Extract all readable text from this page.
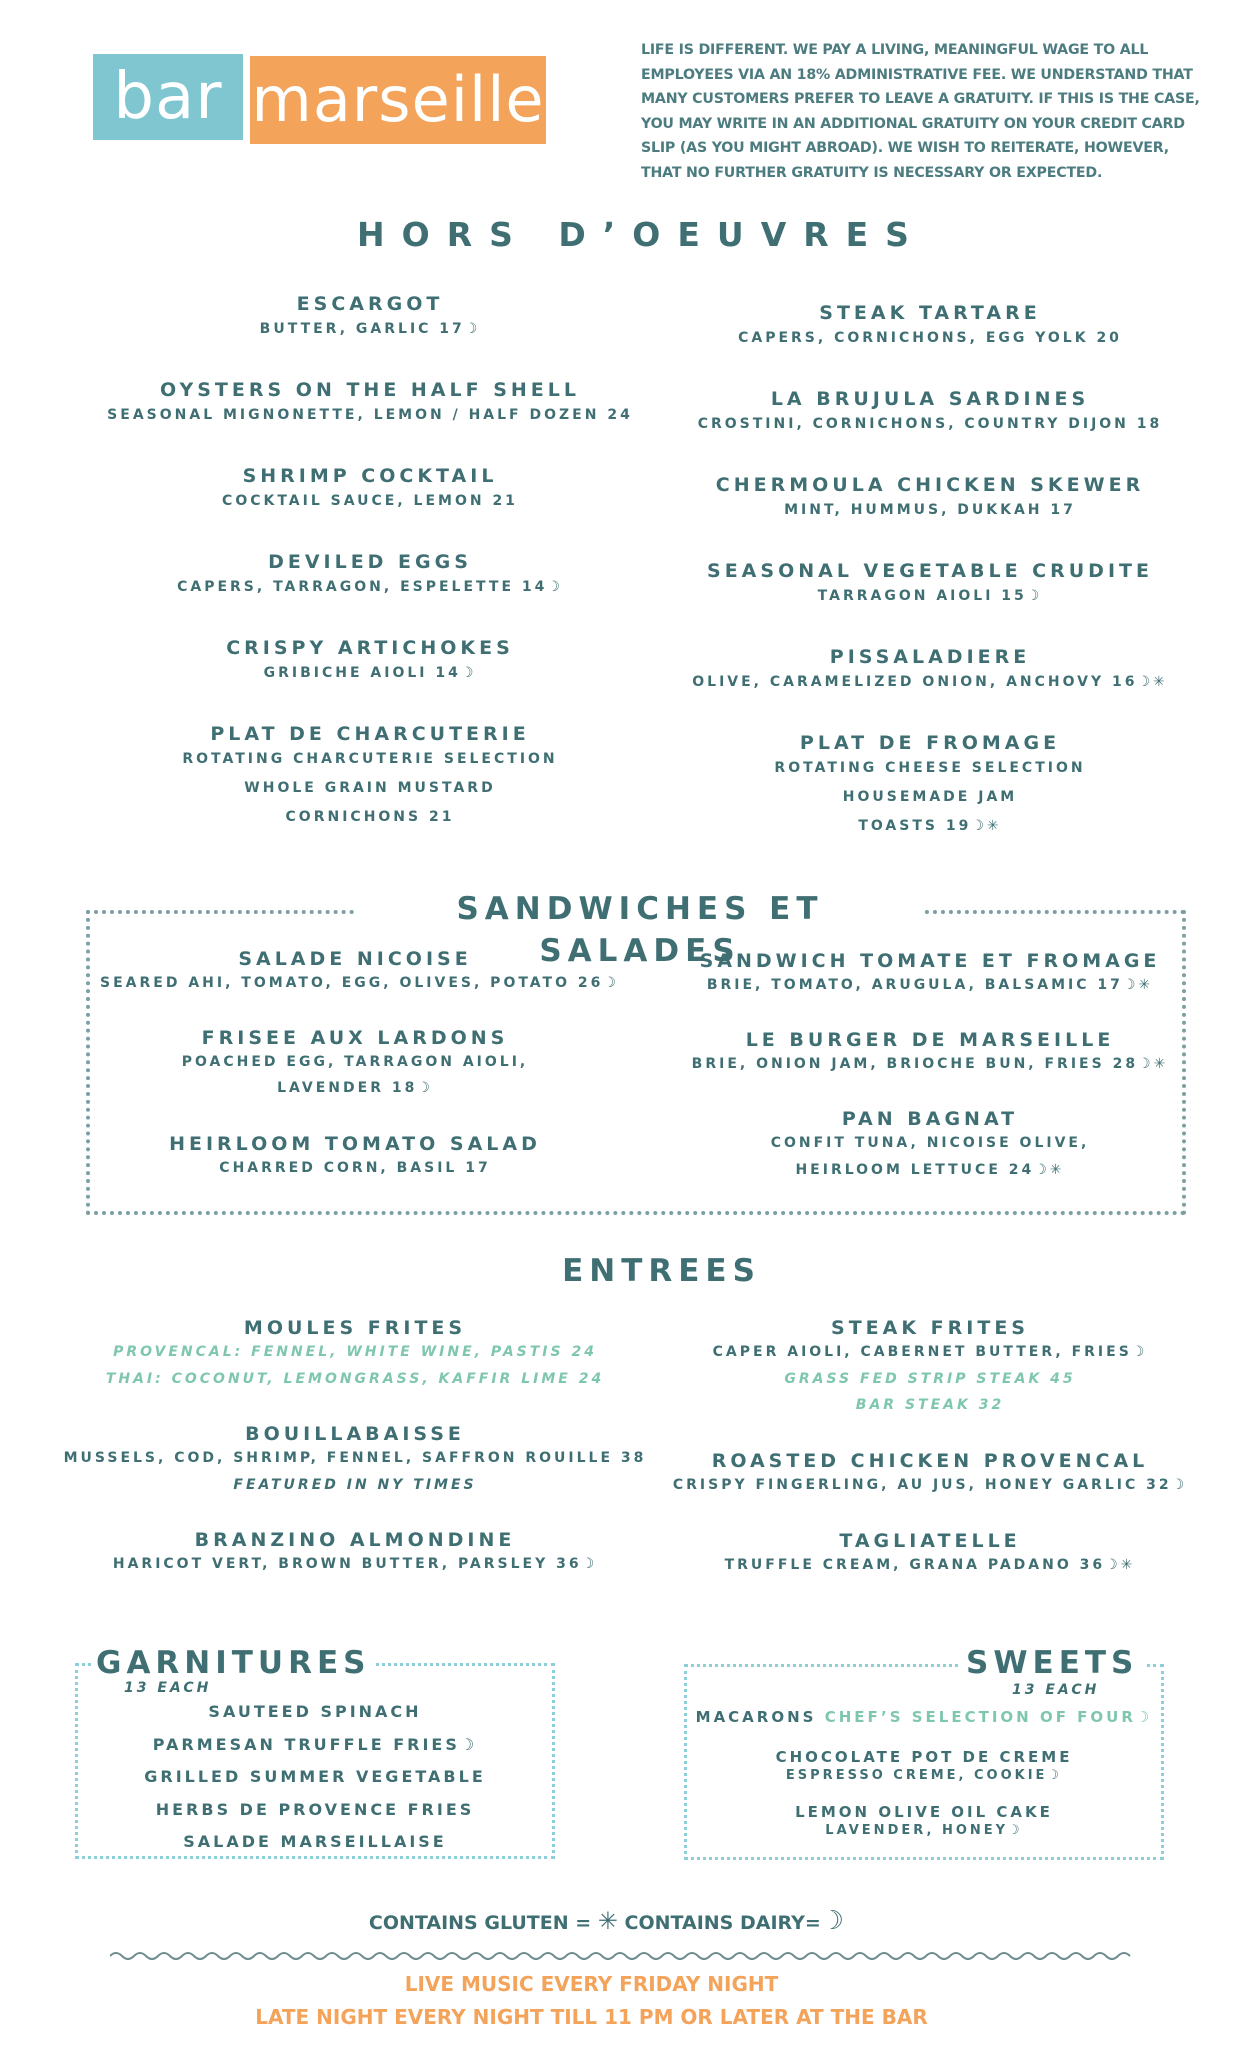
bar marseille
LIFE IS DIFFERENT. WE PAY A LIVING, MEANINGFUL WAGE TO ALL EMPLOYEES VIA AN 18% ADMINISTRATIVE FEE. WE UNDERSTAND THAT MANY CUSTOMERS PREFER TO LEAVE A GRATUITY. IF THIS IS THE CASE, YOU MAY WRITE IN AN ADDITIONAL GRATUITY ON YOUR CREDIT CARD SLIP (AS YOU MIGHT ABROAD). WE WISH TO REITERATE, HOWEVER, THAT NO FURTHER GRATUITY IS NECESSARY OR EXPECTED.
HORS D’OEUVRES
ESCARGOT
BUTTER, GARLIC 17☽
OYSTERS ON THE HALF SHELL
SEASONAL MIGNONETTE, LEMON / HALF DOZEN 24
SHRIMP COCKTAIL
COCKTAIL SAUCE, LEMON 21
DEVILED EGGS
CAPERS, TARRAGON, ESPELETTE 14☽
CRISPY ARTICHOKES
GRIBICHE AIOLI 14☽
PLAT DE CHARCUTERIE
ROTATING CHARCUTERIE SELECTION
WHOLE GRAIN MUSTARD
CORNICHONS 21
STEAK TARTARE
CAPERS, CORNICHONS, EGG YOLK 20
LA BRUJULA SARDINES
CROSTINI, CORNICHONS, COUNTRY DIJON 18
CHERMOULA CHICKEN SKEWER
MINT, HUMMUS, DUKKAH 17
SEASONAL VEGETABLE CRUDITE
TARRAGON AIOLI 15☽
PISSALADIERE
OLIVE, CARAMELIZED ONION, ANCHOVY 16☽✳
PLAT DE FROMAGE
ROTATING CHEESE SELECTION
HOUSEMADE JAM
TOASTS 19☽✳
SANDWICHES ET SALADES
SALADE NICOISE
SEARED AHI, TOMATO, EGG, OLIVES, POTATO 26☽
FRISEE AUX LARDONS
POACHED EGG, TARRAGON AIOLI,
LAVENDER 18☽
HEIRLOOM TOMATO SALAD
CHARRED CORN, BASIL 17
SANDWICH TOMATE ET FROMAGE
BRIE, TOMATO, ARUGULA, BALSAMIC 17☽✳
LE BURGER DE MARSEILLE
BRIE, ONION JAM, BRIOCHE BUN, FRIES 28☽✳
PAN BAGNAT
CONFIT TUNA, NICOISE OLIVE,
HEIRLOOM LETTUCE 24☽✳
ENTREES
MOULES FRITES
PROVENCAL: FENNEL, WHITE WINE, PASTIS 24
THAI: COCONUT, LEMONGRASS, KAFFIR LIME 24
BOUILLABAISSE
MUSSELS, COD, SHRIMP, FENNEL, SAFFRON ROUILLE 38
FEATURED IN NY TIMES
BRANZINO ALMONDINE
HARICOT VERT, BROWN BUTTER, PARSLEY 36☽
STEAK FRITES
CAPER AIOLI, CABERNET BUTTER, FRIES☽
GRASS FED STRIP STEAK 45
BAR STEAK 32
ROASTED CHICKEN PROVENCAL
CRISPY FINGERLING, AU JUS, HONEY GARLIC 32☽
TAGLIATELLE
TRUFFLE CREAM, GRANA PADANO 36☽✳
GARNITURES
13 EACH
SAUTEED SPINACH
PARMESAN TRUFFLE FRIES☽
GRILLED SUMMER VEGETABLE
HERBS DE PROVENCE FRIES
SALADE MARSEILLAISE
SWEETS
13 EACH
MACARONS CHEF’S SELECTION OF FOUR☽
CHOCOLATE POT DE CREME
ESPRESSO CREME, COOKIE☽
LEMON OLIVE OIL CAKE
LAVENDER, HONEY☽
CONTAINS GLUTEN = ✳ CONTAINS DAIRY=☽
LIVE MUSIC EVERY FRIDAY NIGHT
LATE NIGHT EVERY NIGHT TILL 11 PM OR LATER AT THE BAR
